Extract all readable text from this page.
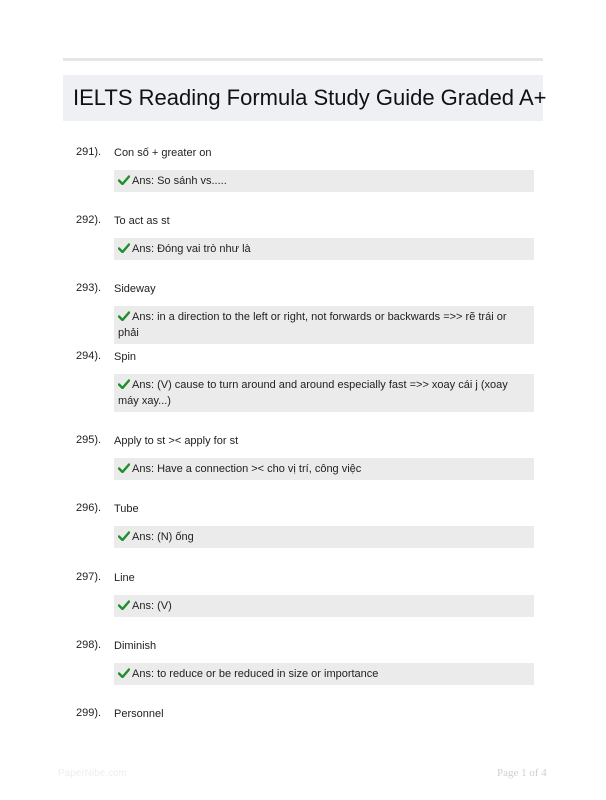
IELTS Reading Formula Study Guide Graded A+
291). Con số + greater on
Ans: So sánh vs.....
292). To act as st
Ans: Đóng vai trò như là
293). Sideway
Ans: in a direction to the left or right, not forwards or backwards =>> rẽ trái or phải
294). Spin
Ans: (V) cause to turn around and around especially fast =>> xoay cái j (xoay máy xay...)
295). Apply to st >< apply for st
Ans: Have a connection >< cho vị trí, công việc
296). Tube
Ans: (N) ống
297). Line
Ans: (V)
298). Diminish
Ans: to reduce or be reduced in size or importance
299). Personnel
PaperNibe.com	Page 1 of 4
